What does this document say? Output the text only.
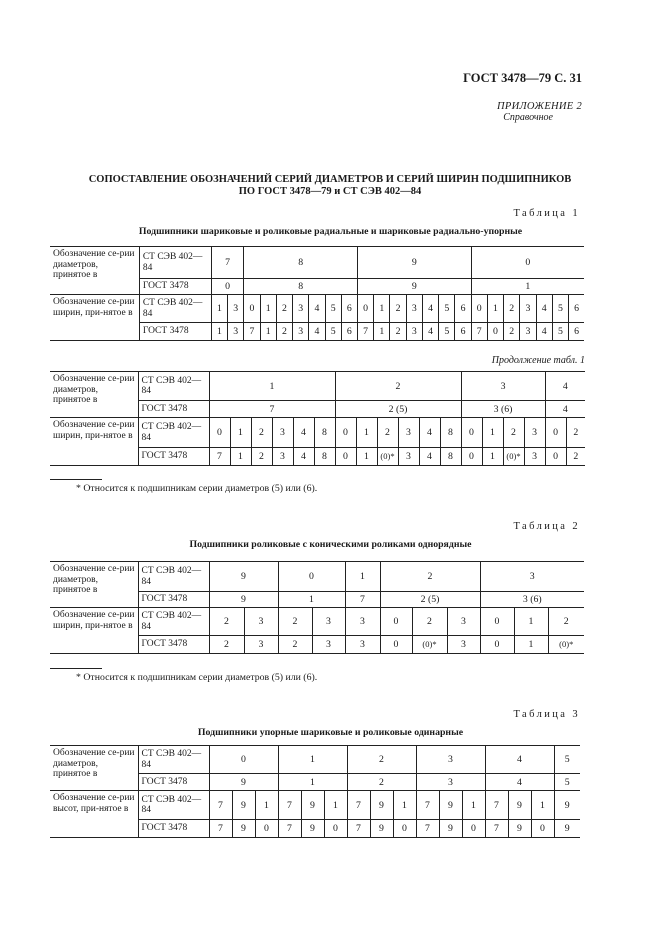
ГОСТ 3478—79 С. 31
ПРИЛОЖЕНИЕ 2
Справочное
СОПОСТАВЛЕНИЕ ОБОЗНАЧЕНИЙ СЕРИЙ ДИАМЕТРОВ И СЕРИЙ ШИРИН ПОДШИПНИКОВ
ПО ГОСТ 3478—79 и СТ СЭВ 402—84
Таблица 1
Подшипники шариковые и роликовые радиальные и шариковые радиально-упорные
Обозначение се-рии диаметров, принятое в	СТ СЭВ 402—84	7		8							9							0						
	ГОСТ 3478	0		8							9							1						
Обозначение се-рии ширин, при-нятое в	СТ СЭВ 402—84	1	3	0	1	2	3	4	5	6	0	1	2	3	4	5	6	0	1	2	3	4	5	6
	ГОСТ 3478	1	3	7	1	2	3	4	5	6	7	1	2	3	4	5	6	7	0	2	3	4	5	6
Продолжение табл. 1
Обозначение се-рии диаметров, принятое в	СТ СЭВ 402—84	1						2						3				4	
	ГОСТ 3478	7						2 (5)						3 (6)				4	
Обозначение се-рии ширин, при-нятое в	СТ СЭВ 402—84	0	1	2	3	4	8	0	1	2	3	4	8	0	1	2	3	0	2
	ГОСТ 3478	7	1	2	3	4	8	0	1	(0)*	3	4	8	0	1	(0)*	3	0	2
* Относится к подшипникам серии диаметров (5) или (6).
Таблица 2
Подшипники роликовые с коническими роликами однорядные
Обозначение се-рии диаметров, принятое в	СТ СЭВ 402—84	9		0		1	2			3		
	ГОСТ 3478	9		1		7	2 (5)			3 (6)		
Обозначение се-рии ширин, при-нятое в	СТ СЭВ 402—84	2	3	2	3	3	0	2	3	0	1	2
	ГОСТ 3478	2	3	2	3	3	0	(0)*	3	0	1	(0)*
* Относится к подшипникам серии диаметров (5) или (6).
Таблица 3
Подшипники упорные шариковые и роликовые одинарные
Обозначение се-рии диаметров, принятое в	СТ СЭВ 402—84	0			1			2			3			4			5
	ГОСТ 3478	9			1			2			3			4			5
Обозначение се-рии высот, при-нятое в	СТ СЭВ 402—84	7	9	1	7	9	1	7	9	1	7	9	1	7	9	1	9
	ГОСТ 3478	7	9	0	7	9	0	7	9	0	7	9	0	7	9	0	9
